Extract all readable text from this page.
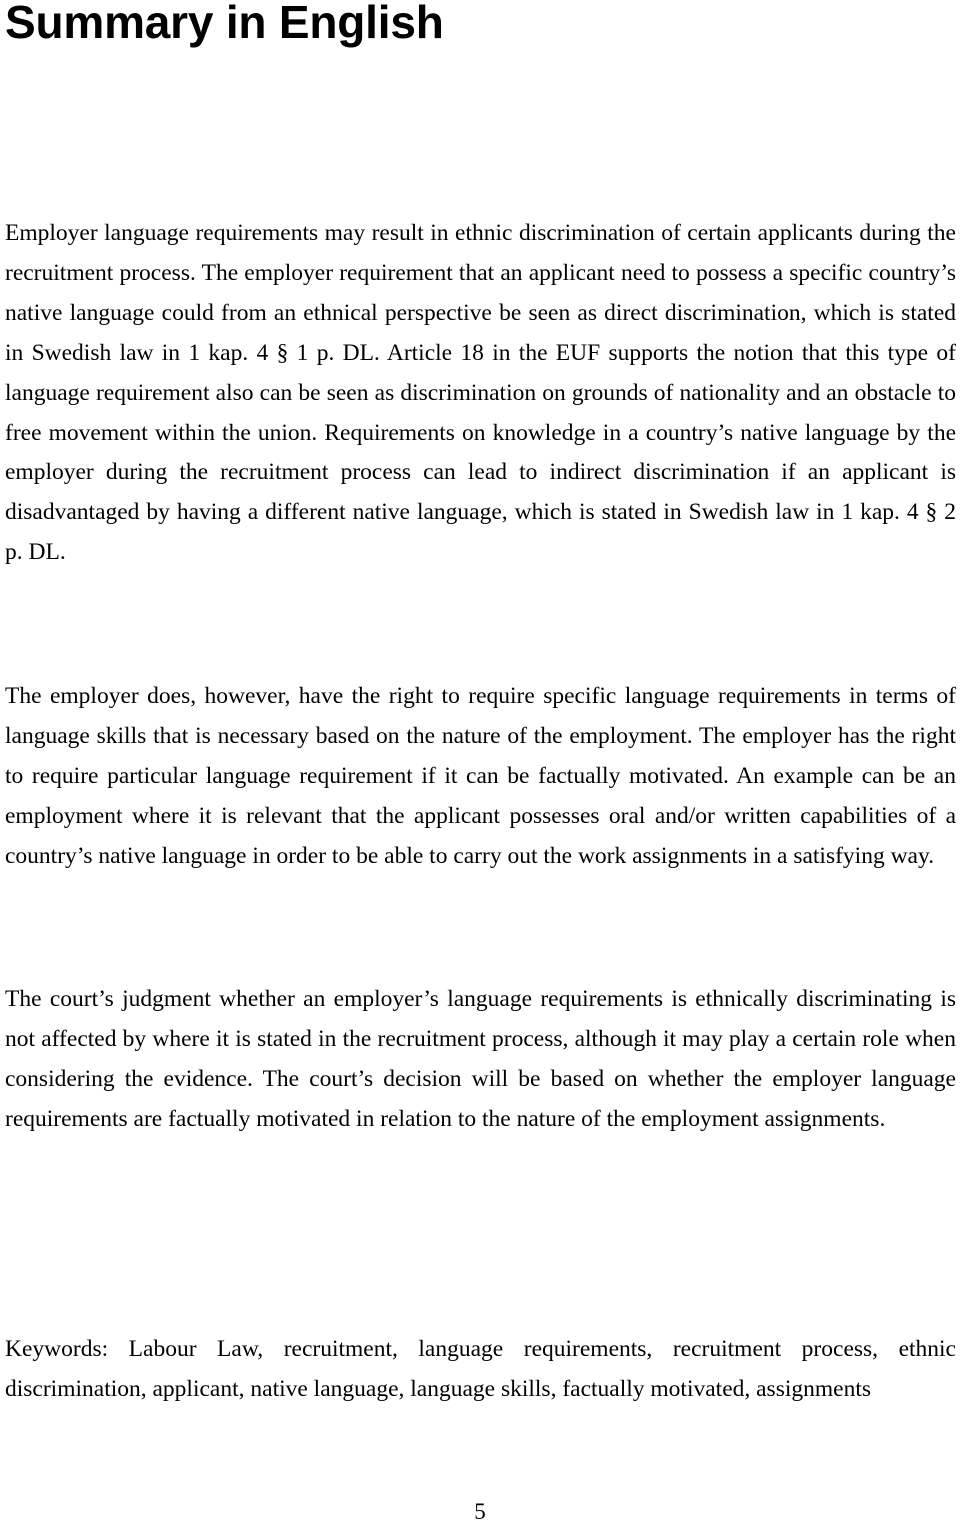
Summary in English

Employer language requirements may result in ethnic discrimination of certain applicants during the recruitment process. The employer requirement that an applicant need to possess a specific country’s native language could from an ethnical perspective be seen as direct discrimination, which is stated in Swedish law in 1 kap. 4 § 1 p. DL. Article 18 in the EUF supports the notion that this type of language requirement also can be seen as discrimination on grounds of nationality and an obstacle to free movement within the union. Requirements on knowledge in a country’s native language by the employer during the recruitment process can lead to indirect discrimination if an applicant is disadvantaged by having a different native language, which is stated in Swedish law in 1 kap. 4 § 2 p. DL.

The employer does, however, have the right to require specific language requirements in terms of language skills that is necessary based on the nature of the employment. The employer has the right to require particular language requirement if it can be factually motivated. An example can be an employment where it is relevant that the applicant possesses oral and/or written capabilities of a country’s native language in order to be able to carry out the work assignments in a satisfying way.

The court’s judgment whether an employer’s language requirements is ethnically discriminating is not affected by where it is stated in the recruitment process, although it may play a certain role when considering the evidence. The court’s decision will be based on whether the employer language requirements are factually motivated in relation to the nature of the employment assignments.

Keywords: Labour Law, recruitment, language requirements, recruitment process, ethnic discrimination, applicant, native language, language skills, factually motivated, assignments

5
